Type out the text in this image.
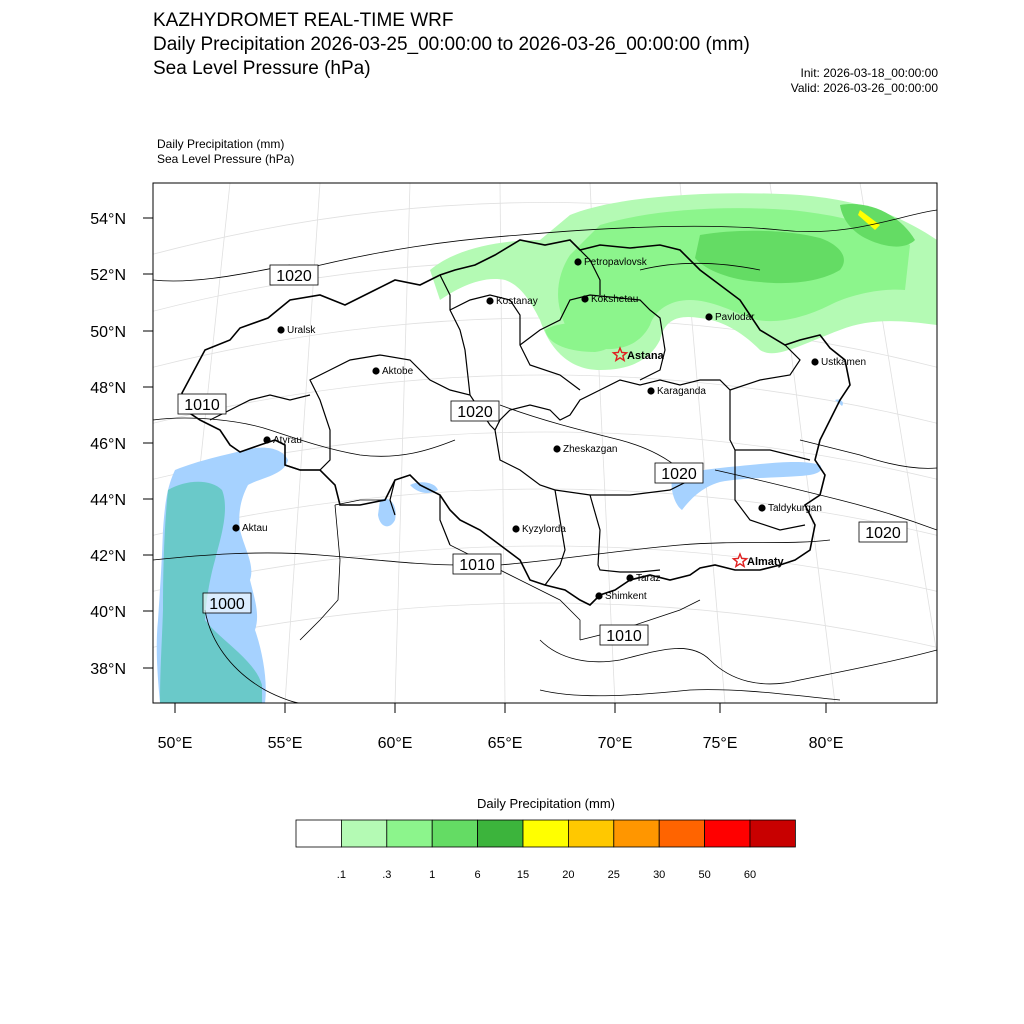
KAZHYDROMET REAL-TIME WRF
Daily Precipitation 2026-03-25_00:00:00 to 2026-03-26_00:00:00 (mm)
Sea Level Pressure (hPa)	Init: 2026-03-18_00:00:00
Valid: 2026-03-26_00:00:00
Daily Precipitation (mm)
Sea Level Pressure (hPa)
1020
1010	1020
1020
1010
1020
1000
1010
Petropavlovsk
Kostanay	Kokshetau
Pavlodar
Uralsk
Aktobe
Ustkamen
Karaganda
Atyrau
Zheskazgan
Aktau	Kyzylorda
Taldykurgan
Taraz
Shimkent
Astana
Almaty
54°N
52°N
50°N
48°N
46°N
44°N
42°N
40°N
38°N
50°E	55°E	60°E	65°E	70°E	75°E	80°E
Daily Precipitation (mm)
.1	.3	1	6	15	20	25	30	50	60
